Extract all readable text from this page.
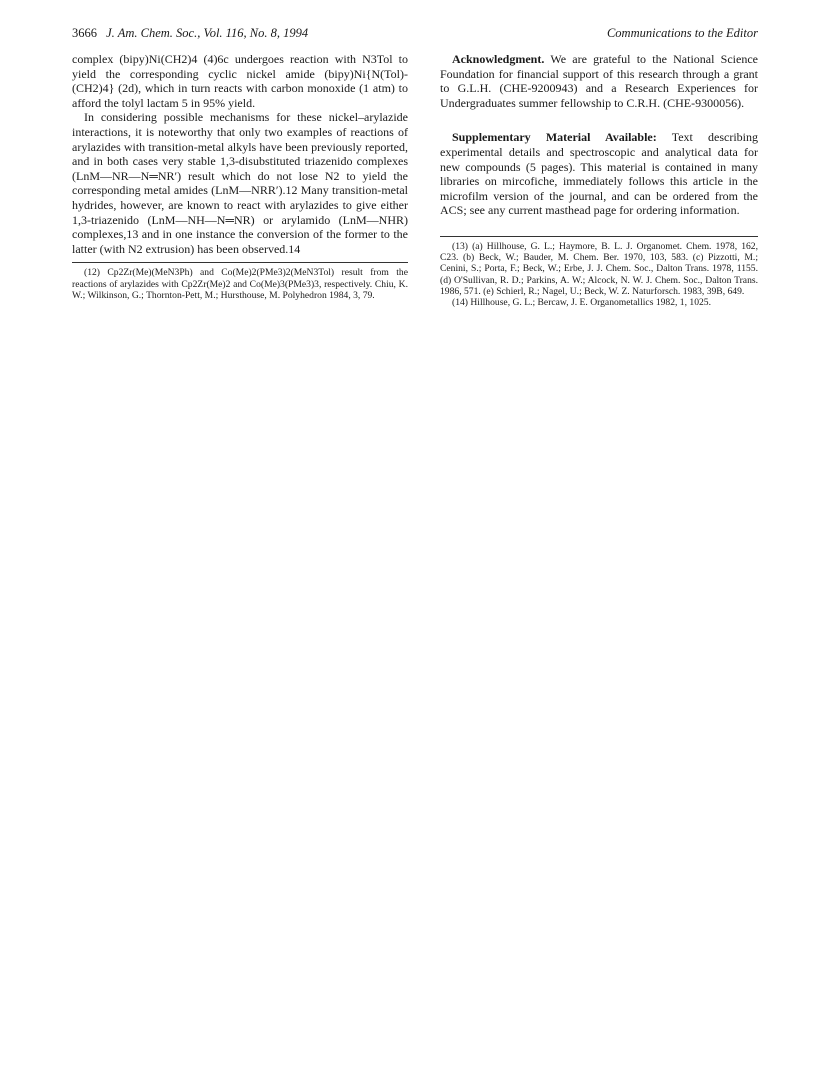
3666 J. Am. Chem. Soc., Vol. 116, No. 8, 1994	Communications to the Editor

complex (bipy)Ni(CH2)4 (4)6c undergoes reaction with N3Tol to yield the corresponding cyclic nickel amide (bipy)Ni{N(Tol)-(CH2)4} (2d), which in turn reacts with carbon monoxide (1 atm) to afford the tolyl lactam 5 in 95% yield.

In considering possible mechanisms for these nickel–arylazide interactions, it is noteworthy that only two examples of reactions of arylazides with transition-metal alkyls have been previously reported, and in both cases very stable 1,3-disubstituted triazenido complexes (LnM—NR—N═NR′) result which do not lose N2 to yield the corresponding metal amides (LnM—NRR′).12 Many transition-metal hydrides, however, are known to react with arylazides to give either 1,3-triazenido (LnM—NH—N═NR) or arylamido (LnM—NHR) complexes,13 and in one instance the conversion of the former to the latter (with N2 extrusion) has been observed.14

(12) Cp2Zr(Me)(MeN3Ph) and Co(Me)2(PMe3)2(MeN3Tol) result from the reactions of arylazides with Cp2Zr(Me)2 and Co(Me)3(PMe3)3, respectively. Chiu, K. W.; Wilkinson, G.; Thornton-Pett, M.; Hursthouse, M. Polyhedron 1984, 3, 79.

Acknowledgment. We are grateful to the National Science Foundation for financial support of this research through a grant to G.L.H. (CHE-9200943) and a Research Experiences for Undergraduates summer fellowship to C.R.H. (CHE-9300056).

Supplementary Material Available: Text describing experimental details and spectroscopic and analytical data for new compounds (5 pages). This material is contained in many libraries on mircofiche, immediately follows this article in the microfilm version of the journal, and can be ordered from the ACS; see any current masthead page for ordering information.

(13) (a) Hillhouse, G. L.; Haymore, B. L. J. Organomet. Chem. 1978, 162, C23. (b) Beck, W.; Bauder, M. Chem. Ber. 1970, 103, 583. (c) Pizzotti, M.; Cenini, S.; Porta, F.; Beck, W.; Erbe, J. J. Chem. Soc., Dalton Trans. 1978, 1155. (d) O'Sullivan, R. D.; Parkins, A. W.; Alcock, N. W. J. Chem. Soc., Dalton Trans. 1986, 571. (e) Schierl, R.; Nagel, U.; Beck, W. Z. Naturforsch. 1983, 39B, 649.

(14) Hillhouse, G. L.; Bercaw, J. E. Organometallics 1982, 1, 1025.
